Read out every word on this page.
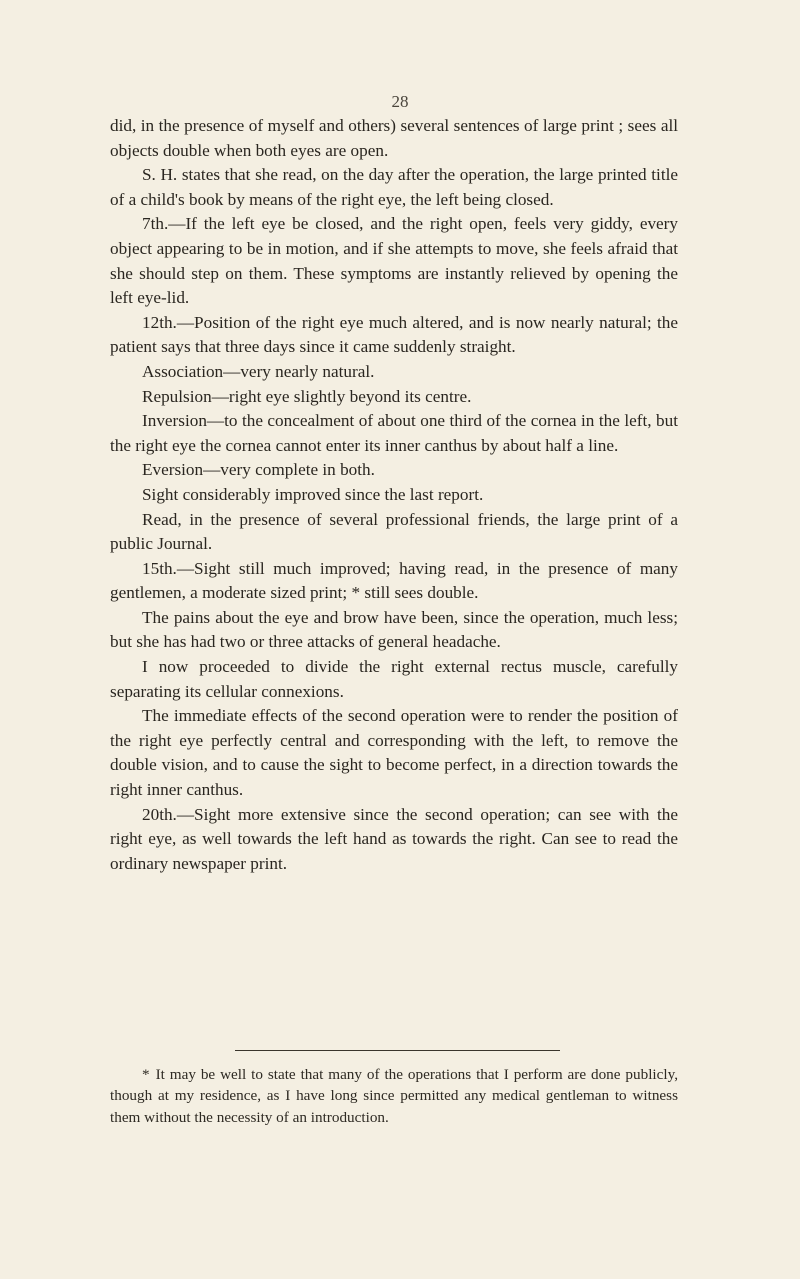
28

did, in the presence of myself and others) several sentences of large print ; sees all objects double when both eyes are open.

S. H. states that she read, on the day after the operation, the large printed title of a child's book by means of the right eye, the left being closed.

7th.—If the left eye be closed, and the right open, feels very giddy, every object appearing to be in motion, and if she attempts to move, she feels afraid that she should step on them. These symptoms are instantly relieved by opening the left eye-lid.

12th.—Position of the right eye much altered, and is now nearly natural; the patient says that three days since it came suddenly straight.

Association—very nearly natural.

Repulsion—right eye slightly beyond its centre.

Inversion—to the concealment of about one third of the cornea in the left, but the right eye the cornea cannot enter its inner canthus by about half a line.

Eversion—very complete in both.

Sight considerably improved since the last report.

Read, in the presence of several professional friends, the large print of a public Journal.

15th.—Sight still much improved; having read, in the presence of many gentlemen, a moderate sized print; * still sees double.

The pains about the eye and brow have been, since the operation, much less; but she has had two or three attacks of general headache.

I now proceeded to divide the right external rectus muscle, carefully separating its cellular connexions.

The immediate effects of the second operation were to render the position of the right eye perfectly central and corresponding with the left, to remove the double vision, and to cause the sight to become perfect, in a direction towards the right inner canthus.

20th.—Sight more extensive since the second operation; can see with the right eye, as well towards the left hand as towards the right. Can see to read the ordinary newspaper print.

* It may be well to state that many of the operations that I perform are done publicly, though at my residence, as I have long since permitted any medical gentleman to witness them without the necessity of an introduction.
